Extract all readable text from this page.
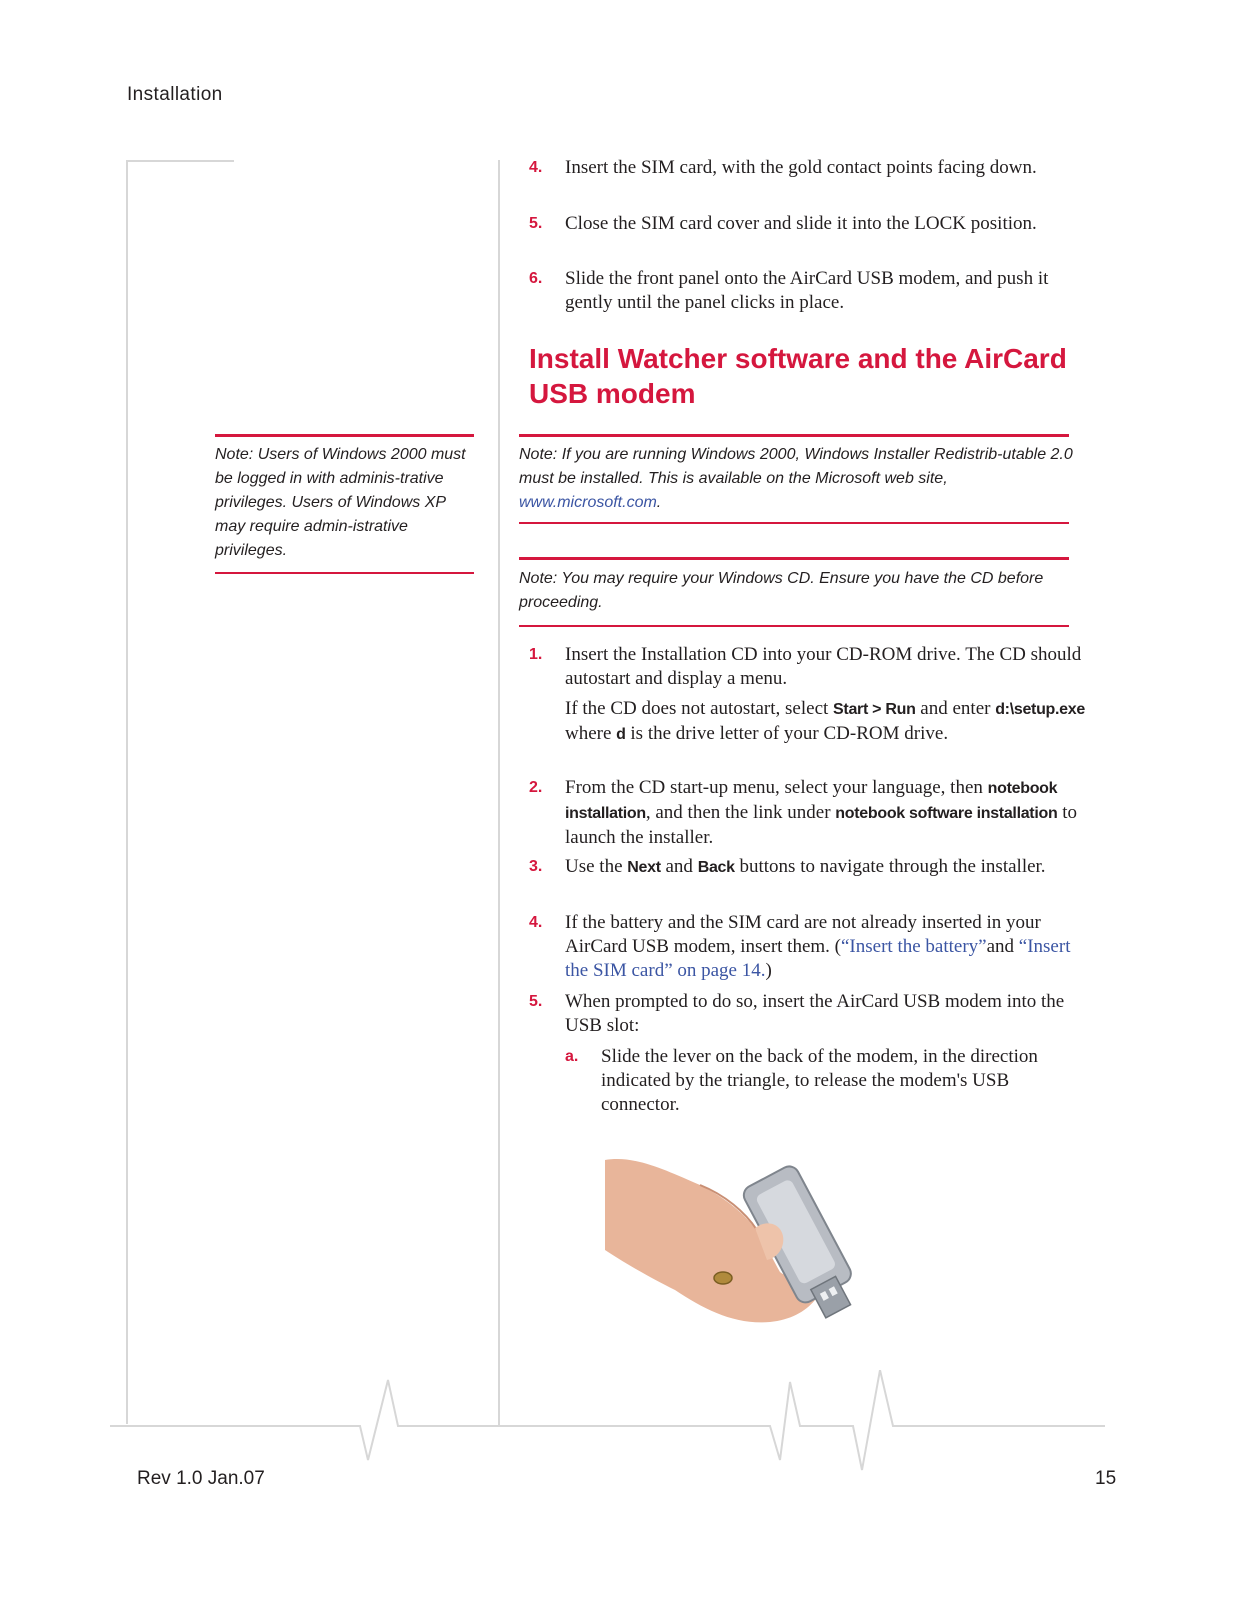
Installation
4. Insert the SIM card, with the gold contact points facing down.
5. Close the SIM card cover and slide it into the LOCK position.
6. Slide the front panel onto the AirCard USB modem, and push it gently until the panel clicks in place.
Install Watcher software and the AirCard USB modem
Note: Users of Windows 2000 must be logged in with adminis-trative privileges. Users of Windows XP may require admin-istrative privileges.
Note: If you are running Windows 2000, Windows Installer Redistrib-utable 2.0 must be installed. This is available on the Microsoft web site, www.microsoft.com.
Note: You may require your Windows CD. Ensure you have the CD before proceeding.
1. Insert the Installation CD into your CD-ROM drive. The CD should autostart and display a menu.
If the CD does not autostart, select Start > Run and enter d:\setup.exe where d is the drive letter of your CD-ROM drive.
2. From the CD start-up menu, select your language, then notebook installation, and then the link under notebook software installation to launch the installer.
3. Use the Next and Back buttons to navigate through the installer.
4. If the battery and the SIM card are not already inserted in your AirCard USB modem, insert them. (“Insert the battery”and “Insert the SIM card” on page 14.)
5. When prompted to do so, insert the AirCard USB modem into the USB slot:
a. Slide the lever on the back of the modem, in the direction indicated by the triangle, to release the modem's USB connector.
Rev 1.0 Jan.07	15
